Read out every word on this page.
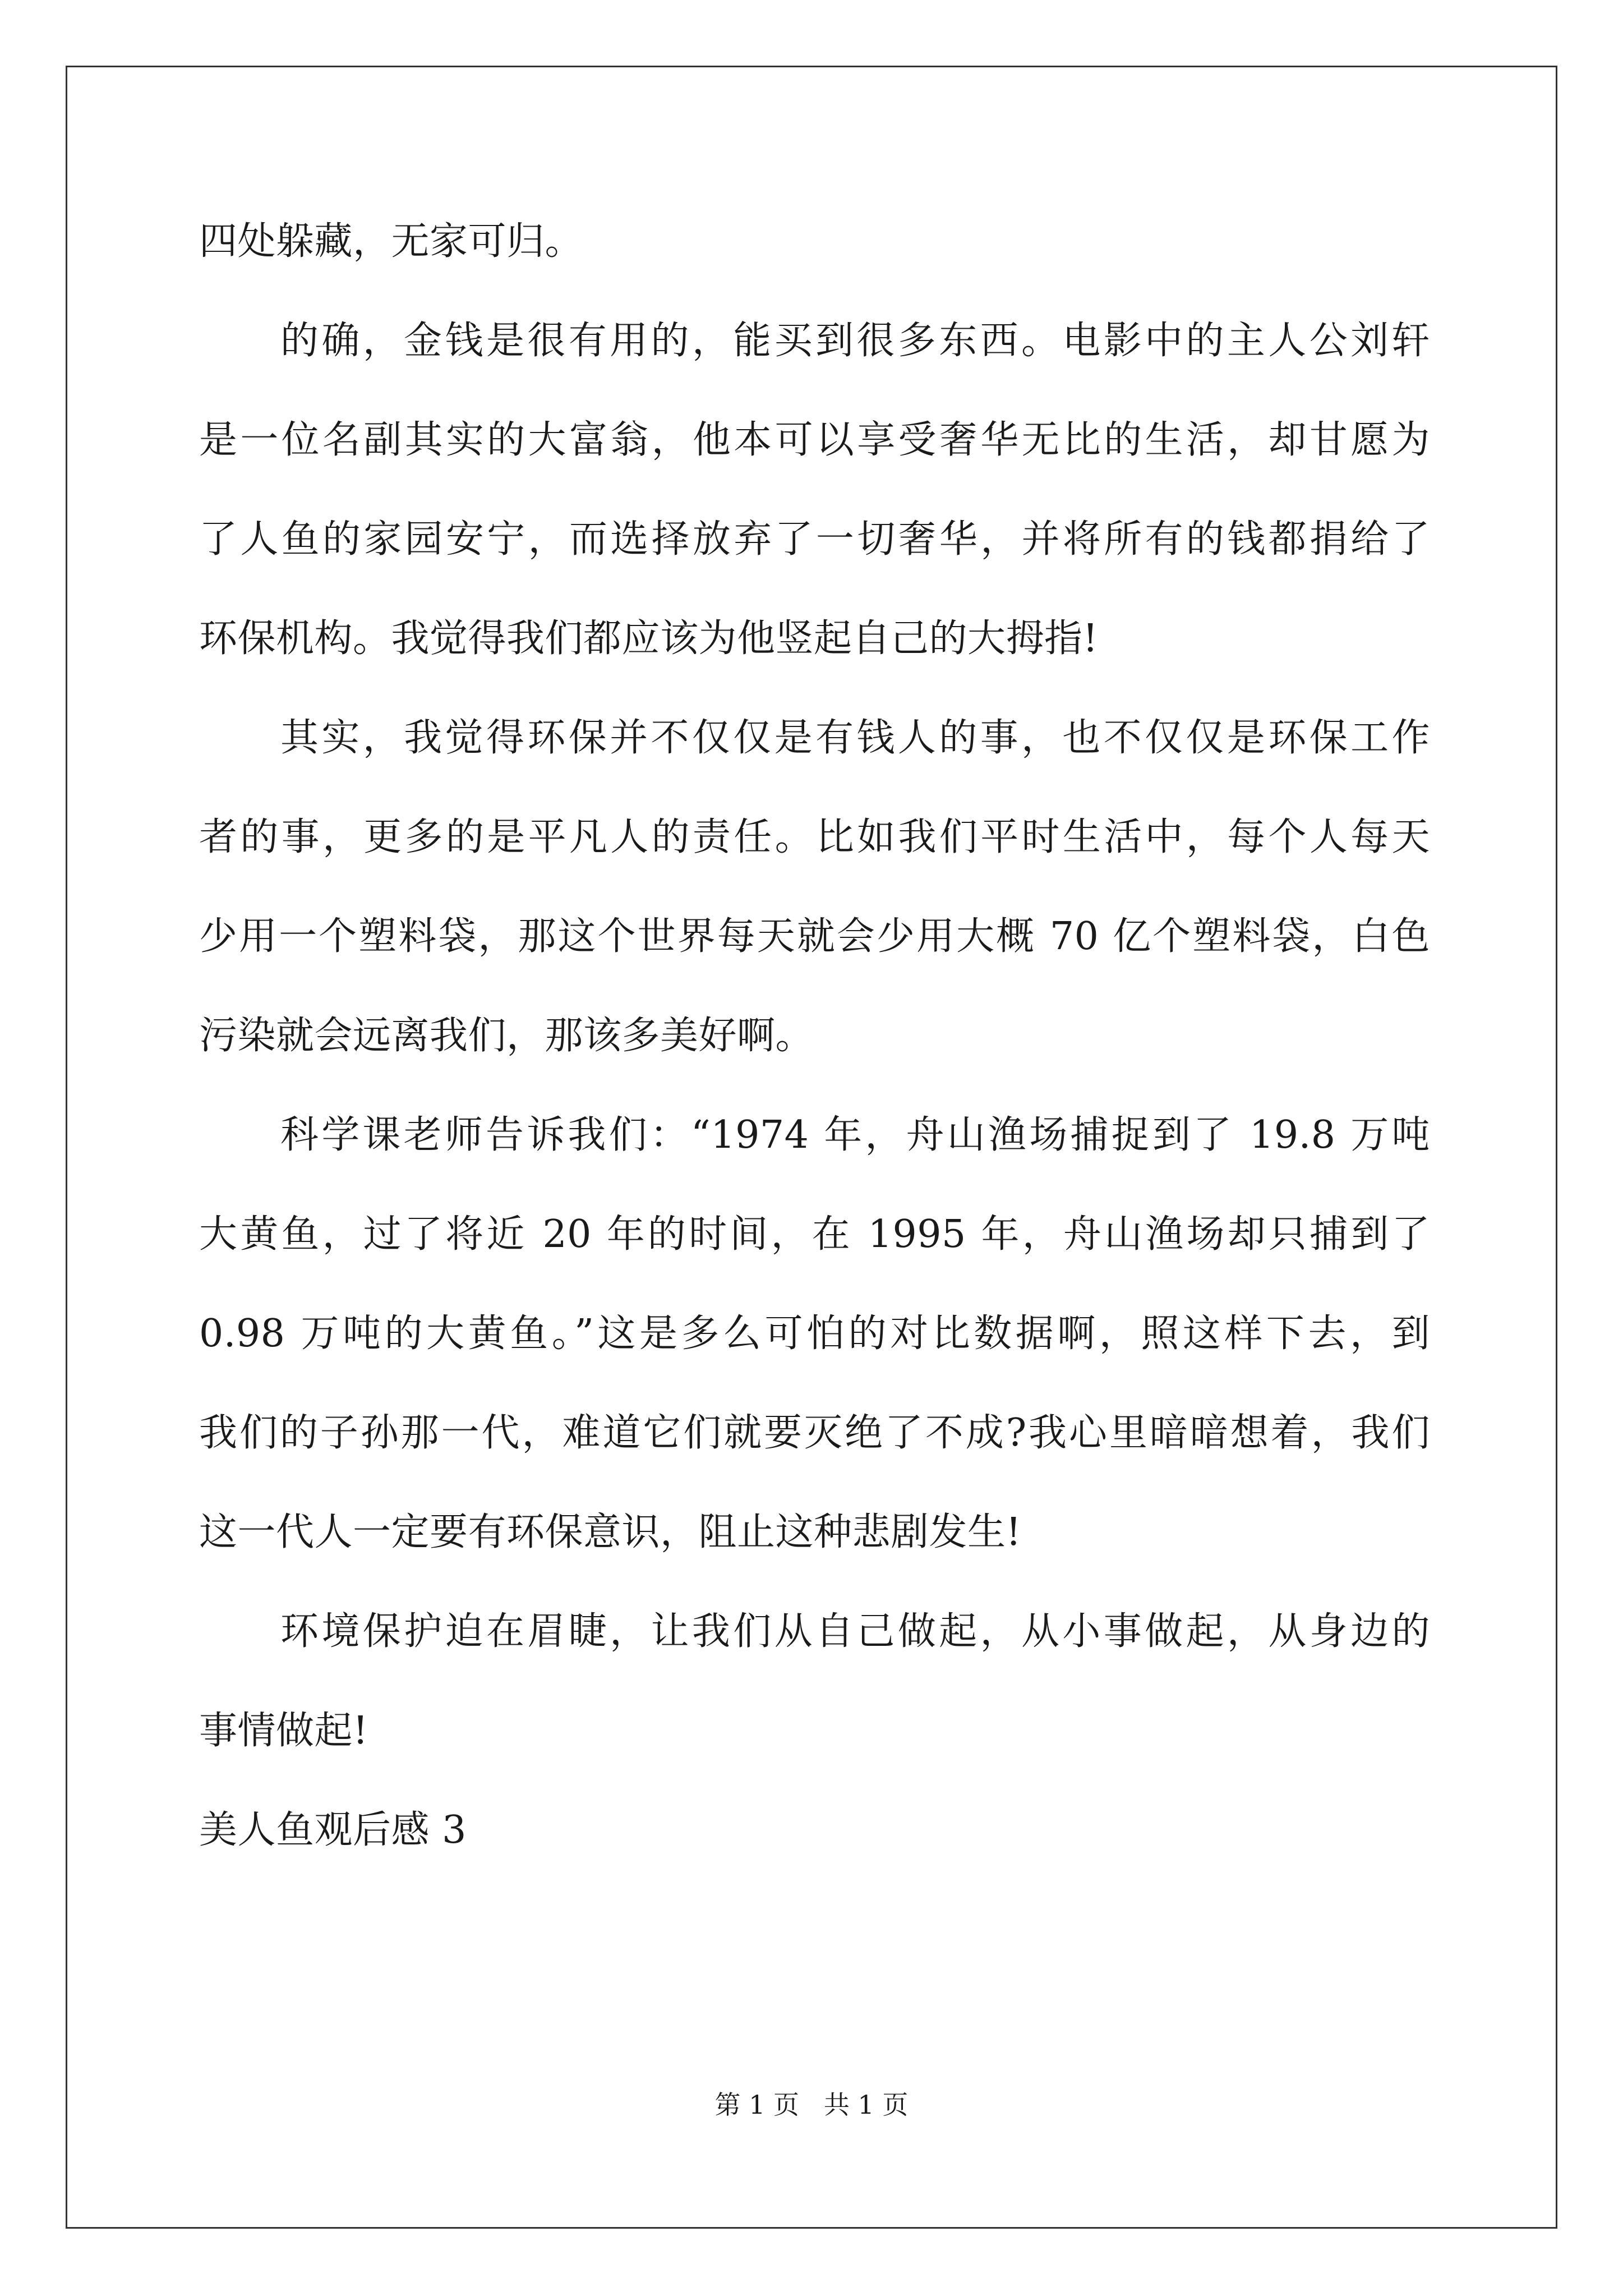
四处躲藏，无家可归。
的确，金钱是很有用的，能买到很多东西。电影中的主人公刘轩
是一位名副其实的大富翁，他本可以享受奢华无比的生活，却甘愿为
了人鱼的家园安宁，而选择放弃了一切奢华，并将所有的钱都捐给了
环保机构。我觉得我们都应该为他竖起自己的大拇指!
其实，我觉得环保并不仅仅是有钱人的事，也不仅仅是环保工作
者的事，更多的是平凡人的责任。比如我们平时生活中，每个人每天
少用一个塑料袋，那这个世界每天就会少用大概 70 亿个塑料袋，白色
污染就会远离我们，那该多美好啊。
科学课老师告诉我们：“1974 年，舟山渔场捕捉到了 19.8 万吨
大黄鱼，过了将近 20 年的时间，在 1995 年，舟山渔场却只捕到了
0.98 万吨的大黄鱼。”这是多么可怕的对比数据啊，照这样下去，到
我们的子孙那一代，难道它们就要灭绝了不成?我心里暗暗想着，我们
这一代人一定要有环保意识，阻止这种悲剧发生!
环境保护迫在眉睫，让我们从自己做起，从小事做起，从身边的
事情做起!
美人鱼观后感 3
第 1 页   共 1 页
